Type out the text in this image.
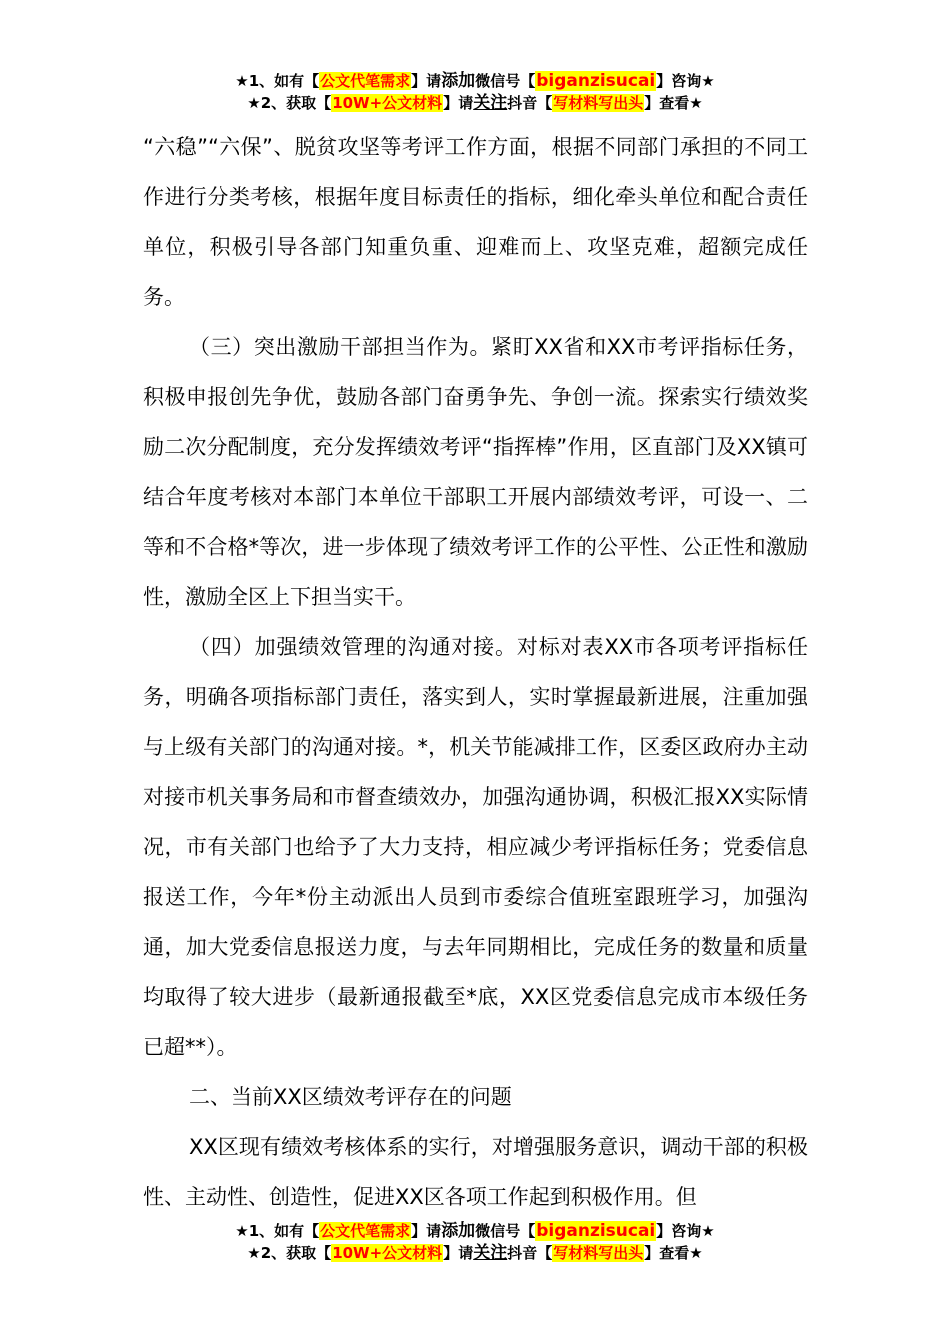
★1、如有【公文代笔需求】请添加微信号【biganzisucai】咨询★
★2、获取【10W+公文材料】请关注抖音【写材料写出头】查看★

“六稳”“六保”、脱贫攻坚等考评工作方面，根据不同部门承担的不同工作进行分类考核，根据年度目标责任的指标，细化牵头单位和配合责任单位，积极引导各部门知重负重、迎难而上、攻坚克难，超额完成任务。

（三）突出激励干部担当作为。紧盯XX省和XX市考评指标任务，积极申报创先争优，鼓励各部门奋勇争先、争创一流。探索实行绩效奖励二次分配制度，充分发挥绩效考评“指挥棒”作用，区直部门及XX镇可结合年度考核对本部门本单位干部职工开展内部绩效考评，可设一、二等和不合格*等次，进一步体现了绩效考评工作的公平性、公正性和激励性，激励全区上下担当实干。

（四）加强绩效管理的沟通对接。对标对表XX市各项考评指标任务，明确各项指标部门责任，落实到人，实时掌握最新进展，注重加强与上级有关部门的沟通对接。*，机关节能减排工作，区委区政府办主动对接市机关事务局和市督查绩效办，加强沟通协调，积极汇报XX实际情况，市有关部门也给予了大力支持，相应减少考评指标任务；党委信息报送工作，今年*份主动派出人员到市委综合值班室跟班学习，加强沟通，加大党委信息报送力度，与去年同期相比，完成任务的数量和质量均取得了较大进步（最新通报截至*底，XX区党委信息完成市本级任务已超**）。

二、当前XX区绩效考评存在的问题

XX区现有绩效考核体系的实行，对增强服务意识，调动干部的积极性、主动性、创造性，促进XX区各项工作起到积极作用。但

★1、如有【公文代笔需求】请添加微信号【biganzisucai】咨询★
★2、获取【10W+公文材料】请关注抖音【写材料写出头】查看★
